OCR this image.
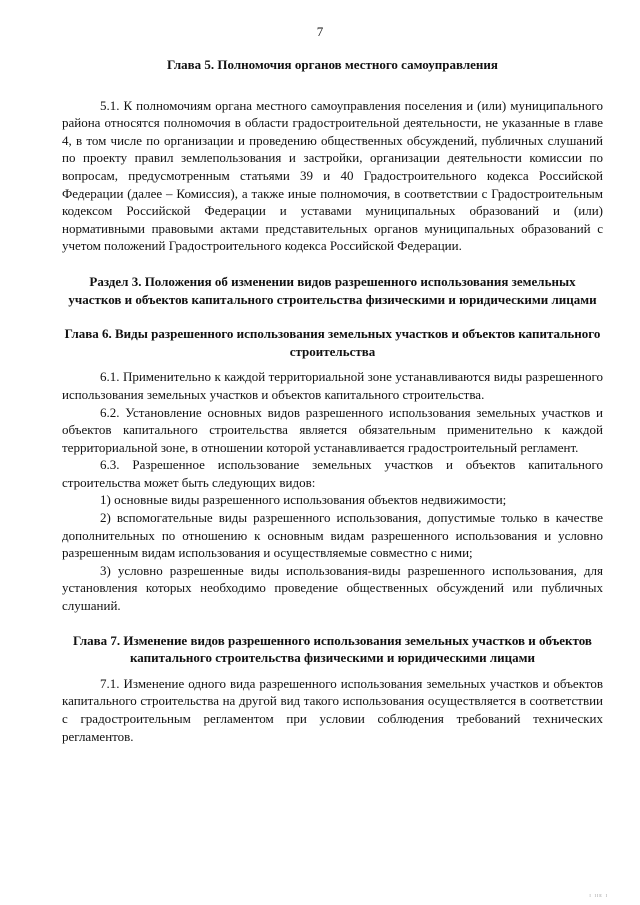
7

Глава 5. Полномочия органов местного самоуправления

5.1. К полномочиям органа местного самоуправления поселения и (или) муниципального района относятся полномочия в области градостроительной деятельности, не указанные в главе 4, в том числе по организации и проведению общественных обсуждений, публичных слушаний по проекту правил землепользования и застройки, организации деятельности комиссии по вопросам, предусмотренным статьями 39 и 40 Градостроительного кодекса Российской Федерации (далее – Комиссия), а также иные полномочия, в соответствии с Градостроительным кодексом Российской Федерации и уставами муниципальных образований и (или) нормативными правовыми актами представительных органов муниципальных образований с учетом положений Градостроительного кодекса Российской Федерации.

Раздел 3. Положения об изменении видов разрешенного использования земельных участков и объектов капитального строительства физическими и юридическими лицами

Глава 6. Виды разрешенного использования земельных участков и объектов капитального строительства

6.1. Применительно к каждой территориальной зоне устанавливаются виды разрешенного использования земельных участков и объектов капитального строительства.

6.2. Установление основных видов разрешенного использования земельных участков и объектов капитального строительства является обязательным применительно к каждой территориальной зоне, в отношении которой устанавливается градостроительный регламент.

6.3. Разрешенное использование земельных участков и объектов капитального строительства может быть следующих видов:

1) основные виды разрешенного использования объектов недвижимости;

2) вспомогательные виды разрешенного использования, допустимые только в качестве дополнительных по отношению к основным видам разрешенного использования и условно разрешенным видам использования и осуществляемые совместно с ними;

3) условно разрешенные виды использования-виды разрешенного использования, для установления которых необходимо проведение общественных обсуждений или публичных слушаний.

Глава 7. Изменение видов разрешенного использования земельных участков и объектов капитального строительства физическими и юридическими лицами

7.1. Изменение одного вида разрешенного использования земельных участков и объектов капитального строительства на другой вид такого использования осуществляется в соответствии с градостроительным регламентом при условии соблюдения требований технических регламентов.

ᴵ ᴵᴵᴱ ᴵ
